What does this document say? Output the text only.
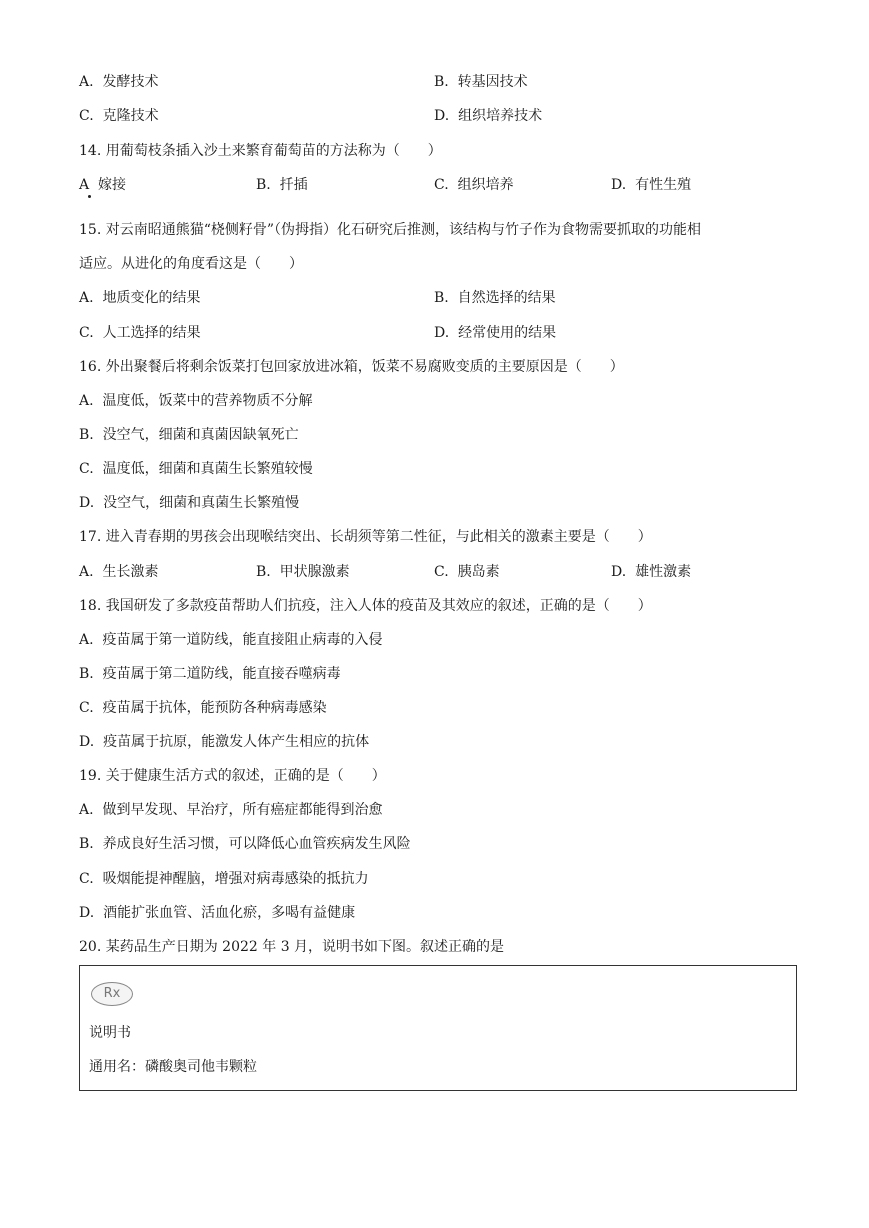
A. 发酵技术	B. 转基因技术
C. 克隆技术	D. 组织培养技术
14. 用葡萄枝条插入沙土来繁育葡萄苗的方法称为（　　）
A 嫁接	B. 扦插	C. 组织培养	D. 有性生殖
15. 对云南昭通熊猫“桡侧籽骨”（伪拇指）化石研究后推测，该结构与竹子作为食物需要抓取的功能相
适应。从进化的角度看这是（　　）
A. 地质变化的结果	B. 自然选择的结果
C. 人工选择的结果	D. 经常使用的结果
16. 外出聚餐后将剩余饭菜打包回家放进冰箱，饭菜不易腐败变质的主要原因是（　　）
A. 温度低，饭菜中的营养物质不分解
B. 没空气，细菌和真菌因缺氧死亡
C. 温度低，细菌和真菌生长繁殖较慢
D. 没空气，细菌和真菌生长繁殖慢
17. 进入青春期的男孩会出现喉结突出、长胡须等第二性征，与此相关的激素主要是（　　）
A. 生长激素	B. 甲状腺激素	C. 胰岛素	D. 雄性激素
18. 我国研发了多款疫苗帮助人们抗疫，注入人体的疫苗及其效应的叙述，正确的是（　　）
A. 疫苗属于第一道防线，能直接阻止病毒的入侵
B. 疫苗属于第二道防线，能直接吞噬病毒
C. 疫苗属于抗体，能预防各种病毒感染
D. 疫苗属于抗原，能激发人体产生相应的抗体
19. 关于健康生活方式的叙述，正确的是（　　）
A. 做到早发现、早治疗，所有癌症都能得到治愈
B. 养成良好生活习惯，可以降低心血管疾病发生风险
C. 吸烟能提神醒脑，增强对病毒感染的抵抗力
D. 酒能扩张血管、活血化瘀，多喝有益健康
20. 某药品生产日期为 2022 年 3 月，说明书如下图。叙述正确的是
Rx
说明书
通用名：磷酸奥司他韦颗粒
